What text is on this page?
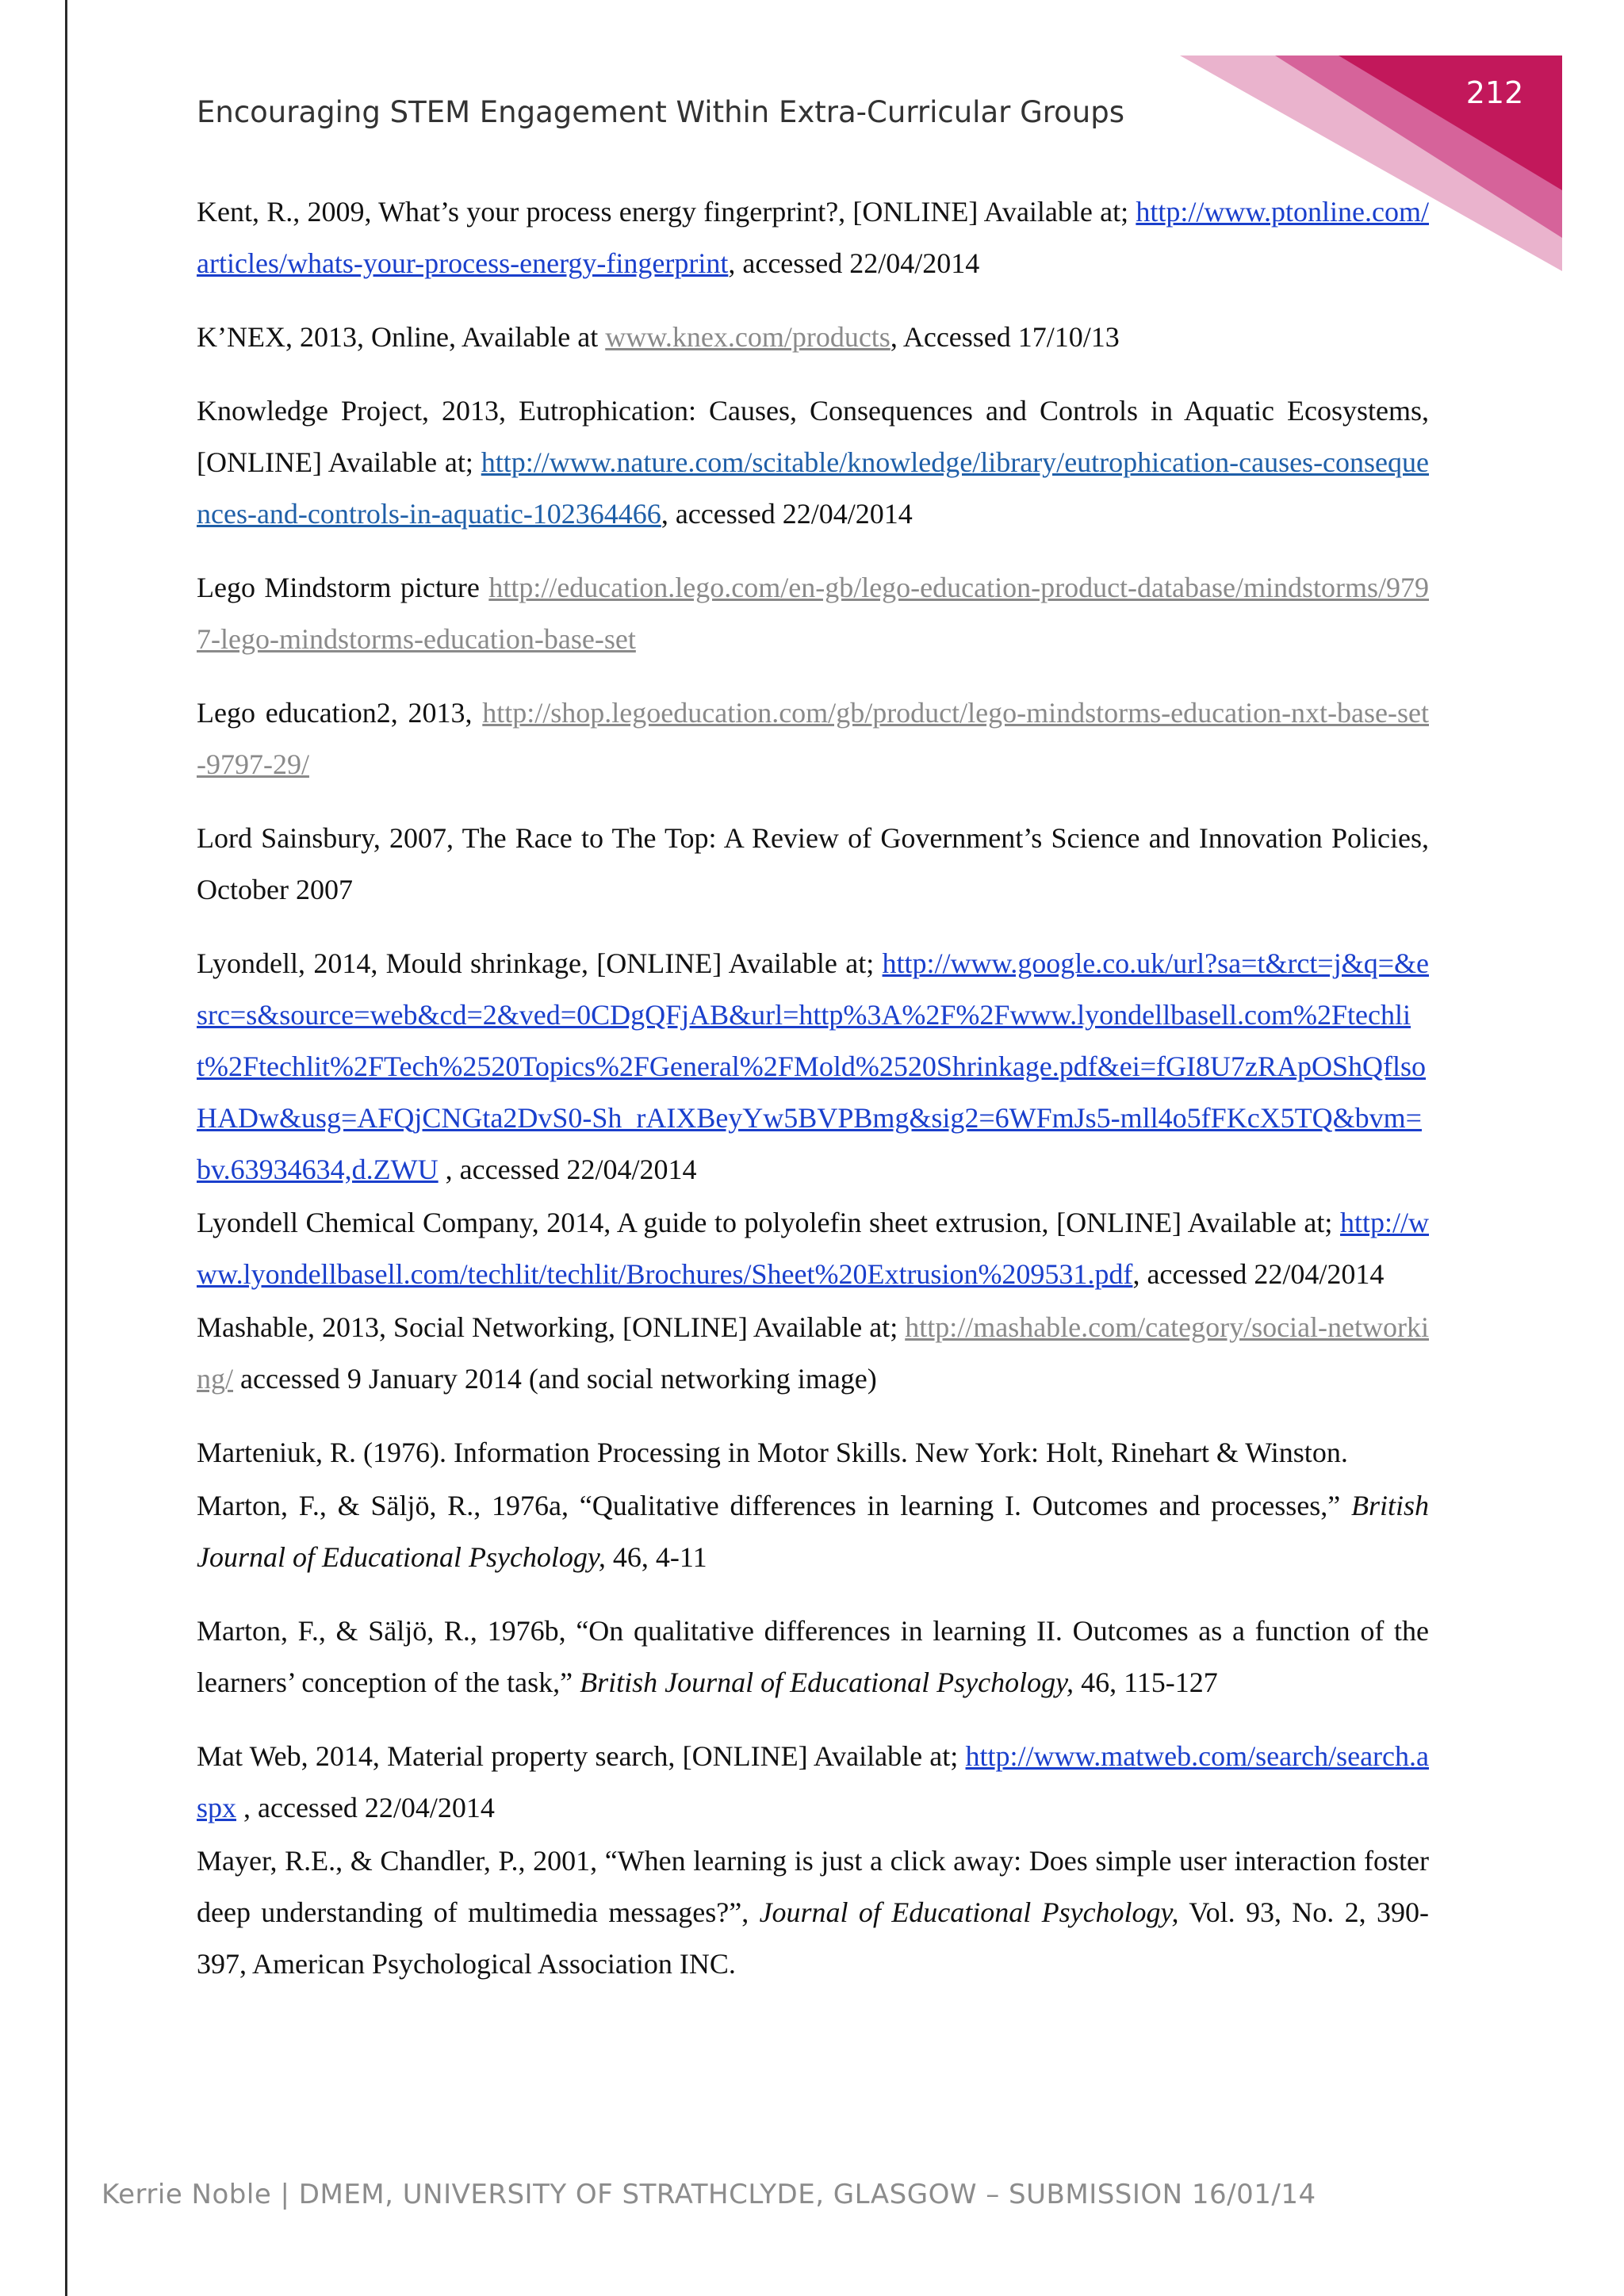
212
Encouraging STEM Engagement Within Extra-Curricular Groups

Kent, R., 2009, What’s your process energy fingerprint?, [ONLINE] Available at; http://www.ptonline.com/articles/whats-your-process-energy-fingerprint, accessed 22/04/2014

K’NEX, 2013, Online, Available at www.knex.com/products, Accessed 17/10/13

Knowledge Project, 2013, Eutrophication: Causes, Consequences and Controls in Aquatic Ecosystems, [ONLINE] Available at; http://www.nature.com/scitable/knowledge/library/eutrophication-causes-consequences-and-controls-in-aquatic-102364466, accessed 22/04/2014

Lego Mindstorm picture http://education.lego.com/en-gb/lego-education-product-database/mindstorms/9797-lego-mindstorms-education-base-set

Lego education2, 2013, http://shop.legoeducation.com/gb/product/lego-mindstorms-education-nxt-base-set-9797-29/

Lord Sainsbury, 2007, The Race to The Top: A Review of Government’s Science and Innovation Policies, October 2007

Lyondell, 2014, Mould shrinkage, [ONLINE] Available at; http://www.google.co.uk/url?sa=t&rct=j&q=&esrc=s&source=web&cd=2&ved=0CDgQFjAB&url=http%3A%2F%2Fwww.lyondellbasell.com%2Ftechlit%2Ftechlit%2FTech%2520Topics%2FGeneral%2FMold%2520Shrinkage.pdf&ei=fGI8U7zRApOShQflsoHADw&usg=AFQjCNGta2DvS0-Sh_rAIXBeyYw5BVPBmg&sig2=6WFmJs5-mll4o5fFKcX5TQ&bvm=bv.63934634,d.ZWU , accessed 22/04/2014

Lyondell Chemical Company, 2014, A guide to polyolefin sheet extrusion, [ONLINE] Available at; http://www.lyondellbasell.com/techlit/techlit/Brochures/Sheet%20Extrusion%209531.pdf, accessed 22/04/2014

Mashable, 2013, Social Networking, [ONLINE] Available at; http://mashable.com/category/social-networking/ accessed 9 January 2014 (and social networking image)

Marteniuk, R. (1976). Information Processing in Motor Skills. New York: Holt, Rinehart & Winston.

Marton, F., & Säljö, R., 1976a, “Qualitative differences in learning I. Outcomes and processes,” British Journal of Educational Psychology, 46, 4-11

Marton, F., & Säljö, R., 1976b, “On qualitative differences in learning II. Outcomes as a function of the learners’ conception of the task,” British Journal of Educational Psychology, 46, 115-127

Mat Web, 2014, Material property search, [ONLINE] Available at; http://www.matweb.com/search/search.aspx , accessed 22/04/2014

Mayer, R.E., & Chandler, P., 2001, “When learning is just a click away: Does simple user interaction foster deep understanding of multimedia messages?”, Journal of Educational Psychology, Vol. 93, No. 2, 390-397, American Psychological Association INC.

Kerrie Noble | DMEM, UNIVERSITY OF STRATHCLYDE, GLASGOW – SUBMISSION 16/01/14
